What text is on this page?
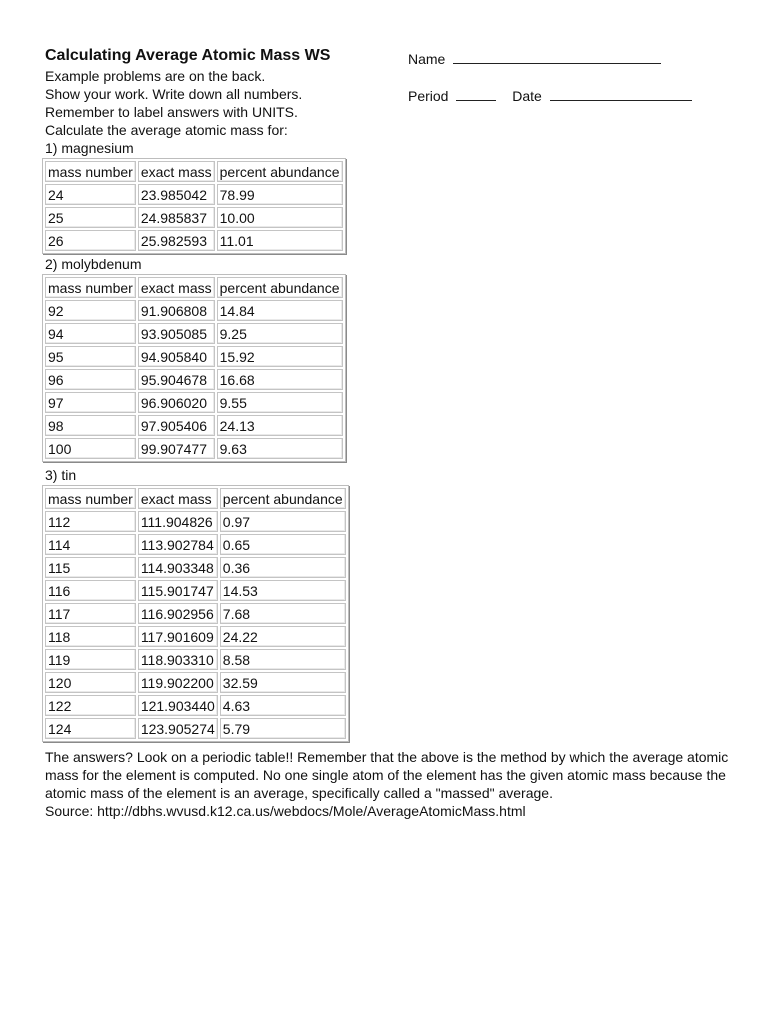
Calculating Average Atomic Mass WS
Example problems are on the back.
Show your work. Write down all numbers.
Remember to label answers with UNITS.
Calculate the average atomic mass for:
Name
Period	Date
1) magnesium
mass number	exact mass	percent abundance
24	23.985042	78.99
25	24.985837	10.00
26	25.982593	11.01
2) molybdenum
mass number	exact mass	percent abundance
92	91.906808	14.84
94	93.905085	9.25
95	94.905840	15.92
96	95.904678	16.68
97	96.906020	9.55
98	97.905406	24.13
100	99.907477	9.63
3) tin
mass number	exact mass	percent abundance
112	111.904826	0.97
114	113.902784	0.65
115	114.903348	0.36
116	115.901747	14.53
117	116.902956	7.68
118	117.901609	24.22
119	118.903310	8.58
120	119.902200	32.59
122	121.903440	4.63
124	123.905274	5.79
The answers? Look on a periodic table!! Remember that the above is the method by which the average atomic mass for the element is computed. No one single atom of the element has the given atomic mass because the atomic mass of the element is an average, specifically called a "massed" average.
Source: http://dbhs.wvusd.k12.ca.us/webdocs/Mole/AverageAtomicMass.html
